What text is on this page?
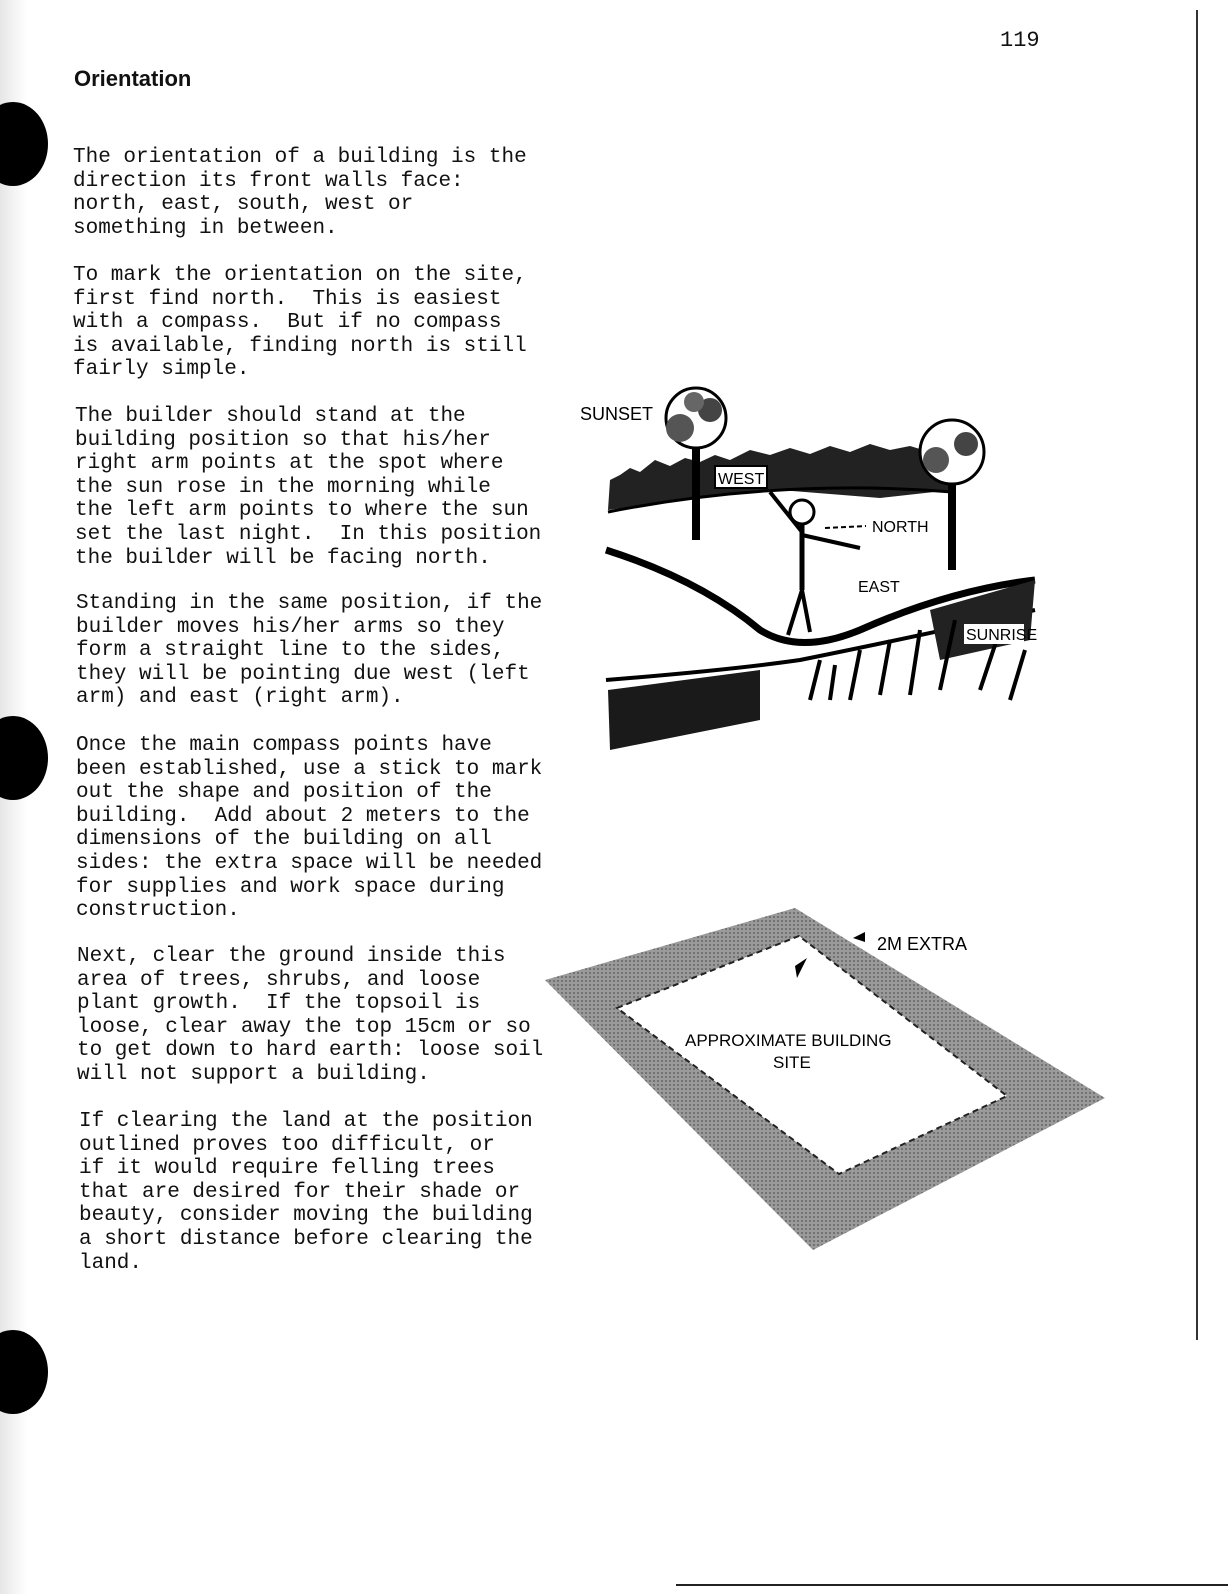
119
Orientation

The orientation of a building is the
direction its front walls face:
north, east, south, west or
something in between.

To mark the orientation on the site,
first find north.  This is easiest
with a compass.  But if no compass
is available, finding north is still
fairly simple.

The builder should stand at the
building position so that his/her
right arm points at the spot where
the sun rose in the morning while
the left arm points to where the sun
set the last night.  In this position
the builder will be facing north.

Standing in the same position, if the
builder moves his/her arms so they
form a straight line to the sides,
they will be pointing due west (left
arm) and east (right arm).

Once the main compass points have
been established, use a stick to mark
out the shape and position of the
building.  Add about 2 meters to the
dimensions of the building on all
sides: the extra space will be needed
for supplies and work space during
construction.

Next, clear the ground inside this
area of trees, shrubs, and loose
plant growth.  If the topsoil is
loose, clear away the top 15cm or so
to get down to hard earth: loose soil
will not support a building.

If clearing the land at the position
outlined proves too difficult, or
if it would require felling trees
that are desired for their shade or
beauty, consider moving the building
a short distance before clearing the
land.

SUNSET
WEST
NORTH
EAST
SUNRISE
2M EXTRA
APPROXIMATE BUILDING
SITE
